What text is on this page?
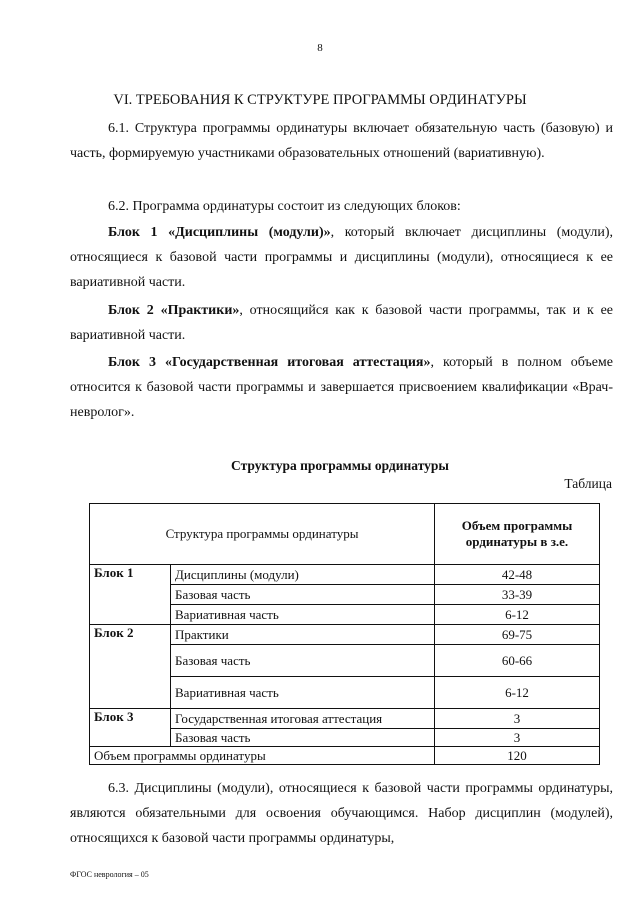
8
VI. ТРЕБОВАНИЯ К СТРУКТУРЕ ПРОГРАММЫ ОРДИНАТУРЫ

6.1. Структура программы ординатуры включает обязательную часть (базовую) и часть, формируемую участниками образовательных отношений (вариативную).

6.2. Программа ординатуры состоит из следующих блоков:

Блок 1 «Дисциплины (модули)», который включает дисциплины (модули), относящиеся к базовой части программы и дисциплины (модули), относящиеся к ее вариативной части.

Блок 2 «Практики», относящийся как к базовой части программы, так и к ее вариативной части.

Блок 3 «Государственная итоговая аттестация», который в полном объеме относится к базовой части программы и завершается присвоением квалификации «Врач-невролог».

Структура программы ординатуры
Таблица
Структура программы ординатуры		Объем программы ординатуры в з.е.
Блок 1	Дисциплины (модули)	42-48
	Базовая часть	33-39
	Вариативная часть	6-12
Блок 2	Практики	69-75
	Базовая часть	60-66
	Вариативная часть	6-12
Блок 3	Государственная итоговая аттестация	3
	Базовая часть	3
Объем программы ординатуры		120

6.3. Дисциплины (модули), относящиеся к базовой части программы ординатуры, являются обязательными для освоения обучающимся. Набор дисциплин (модулей), относящихся к базовой части программы ординатуры,

ФГОС неврология – 05
